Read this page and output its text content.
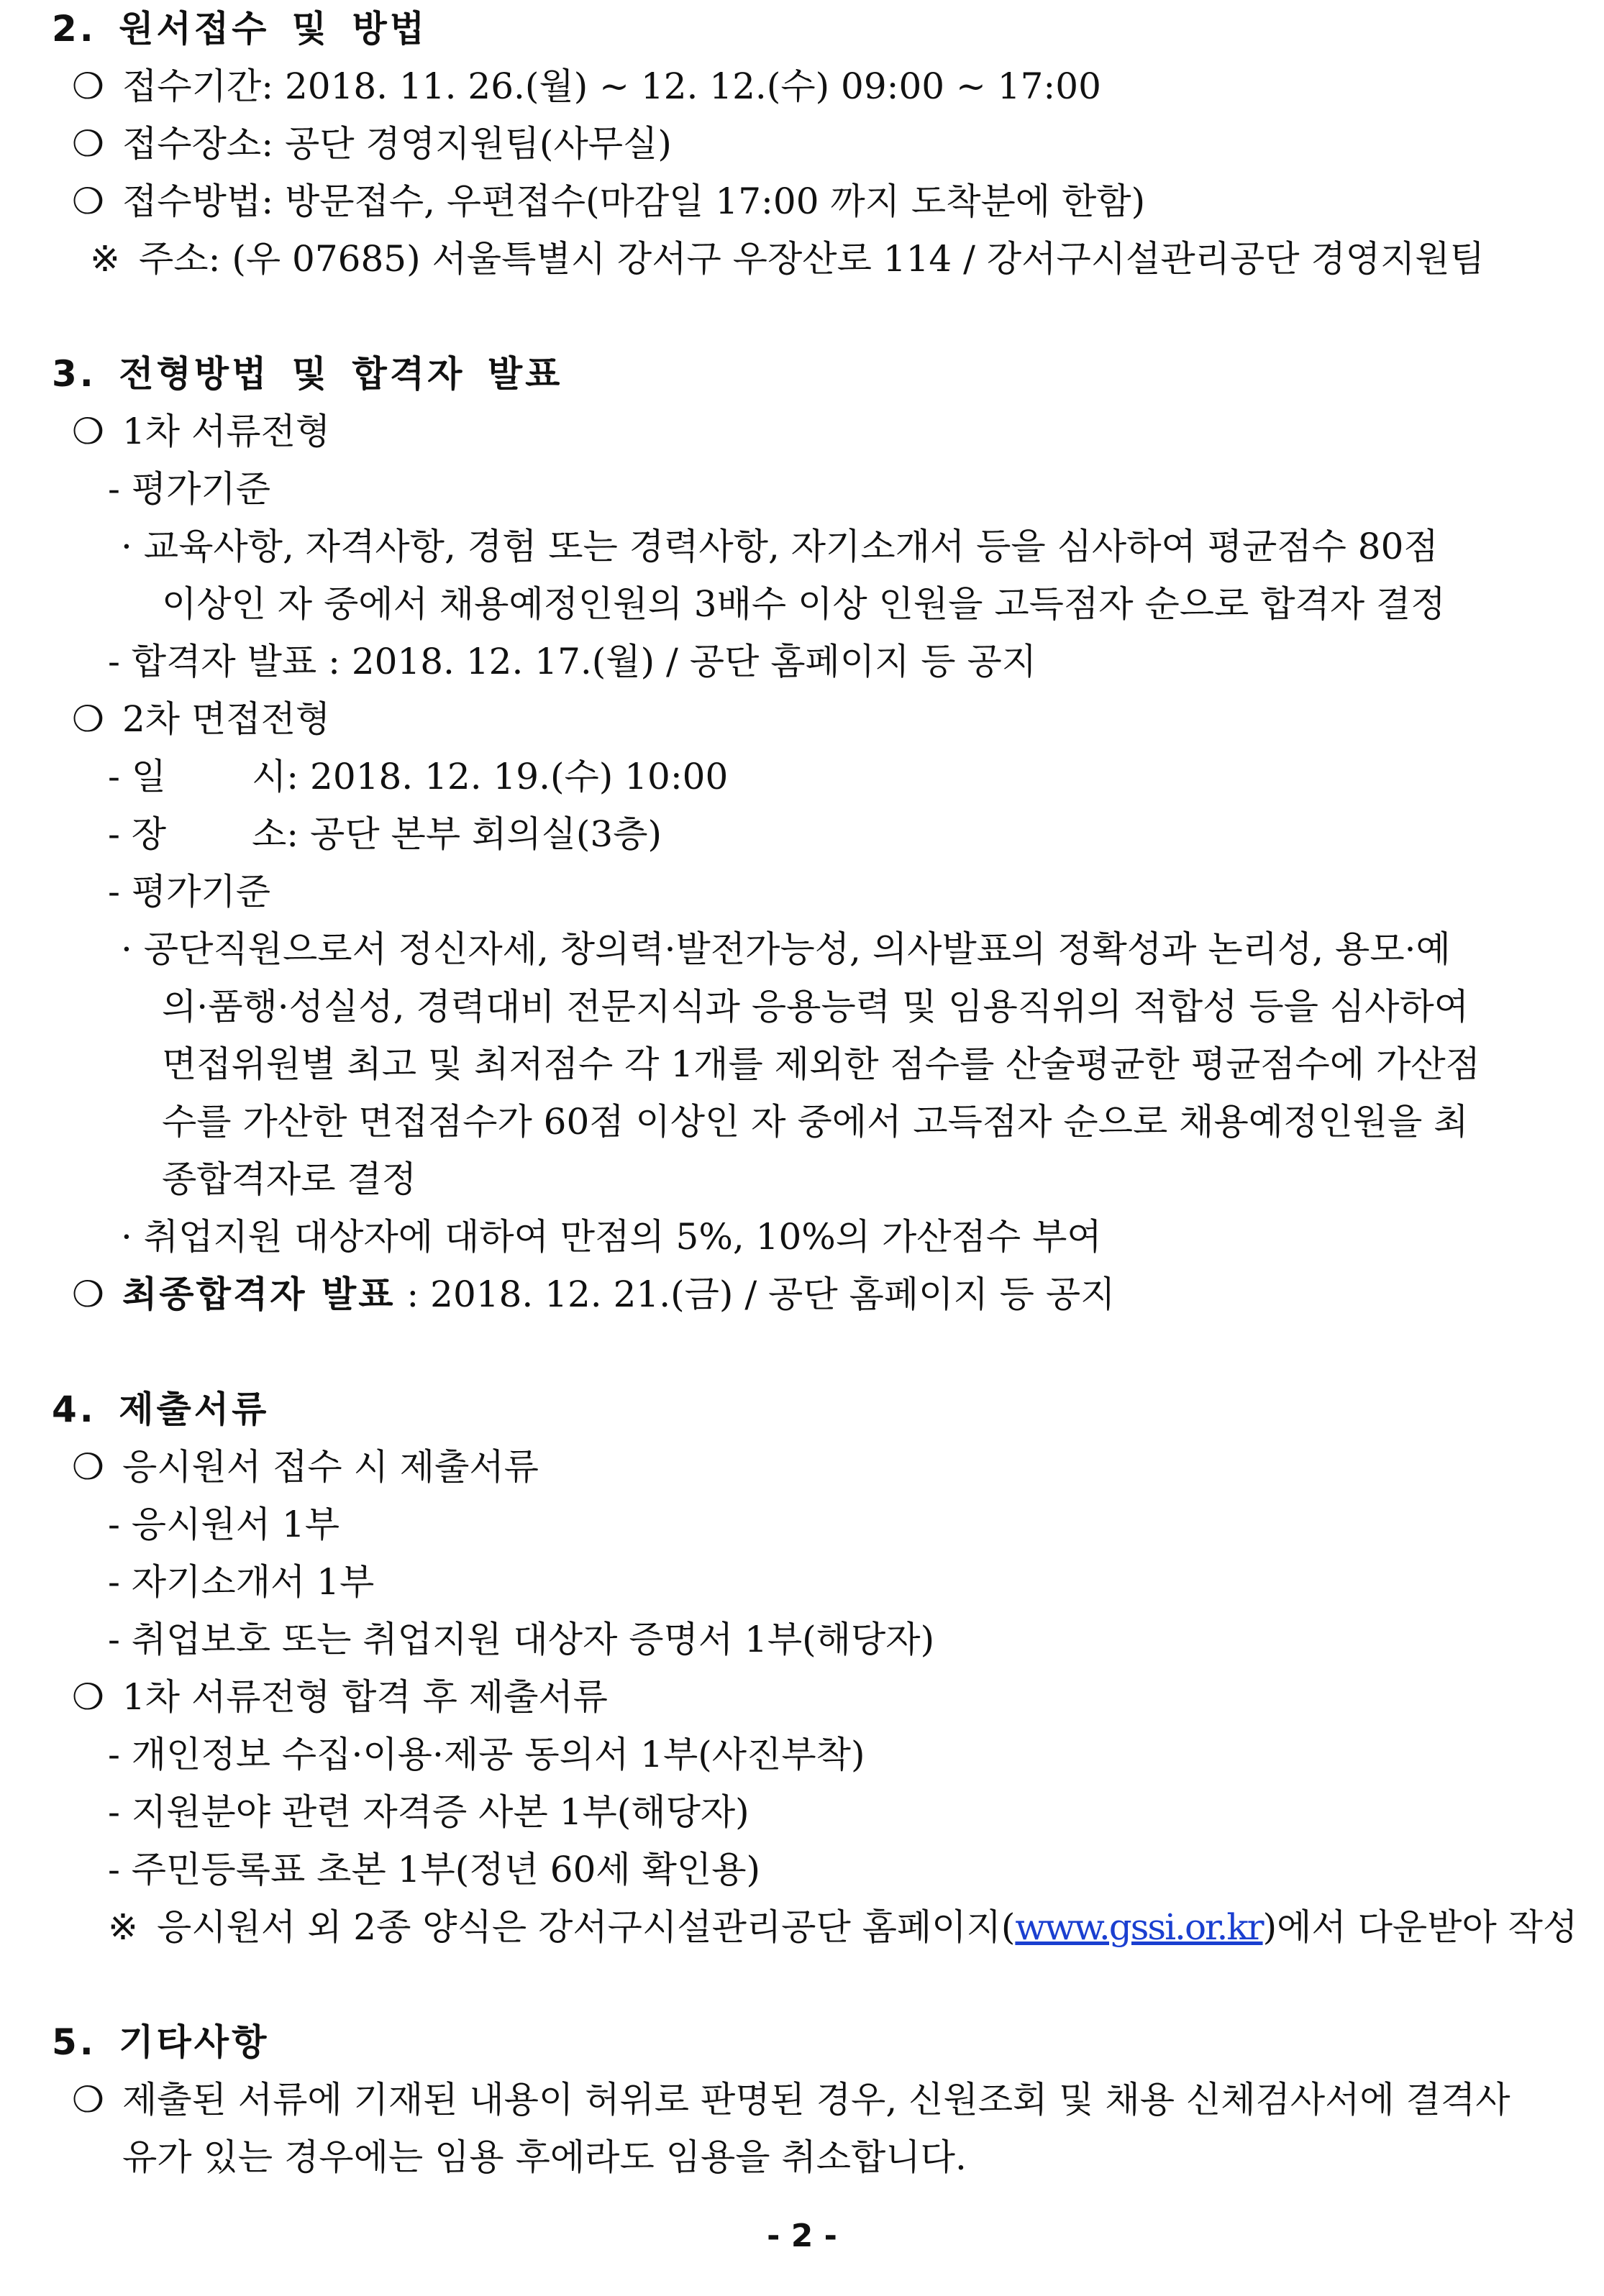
2. 원서접수 및 방법
❍ 접수기간: 2018. 11. 26.(월) ~ 12. 12.(수) 09:00 ~ 17:00
❍ 접수장소: 공단 경영지원팀(사무실)
❍ 접수방법: 방문접수, 우편접수(마감일 17:00 까지 도착분에 한함)
※ 주소: (우 07685) 서울특별시 강서구 우장산로 114 / 강서구시설관리공단 경영지원팀
3. 전형방법 및 합격자 발표
❍ 1차 서류전형
- 평가기준
· 교육사항, 자격사항, 경험 또는 경력사항, 자기소개서 등을 심사하여 평균점수 80점
이상인 자 중에서 채용예정인원의 3배수 이상 인원을 고득점자 순으로 합격자 결정
- 합격자 발표 : 2018. 12. 17.(월) / 공단 홈페이지 등 공지
❍ 2차 면접전형
- 일 시: 2018. 12. 19.(수) 10:00
- 장 소: 공단 본부 회의실(3층)
- 평가기준
· 공단직원으로서 정신자세, 창의력·발전가능성, 의사발표의 정확성과 논리성, 용모·예
의·품행·성실성, 경력대비 전문지식과 응용능력 및 임용직위의 적합성 등을 심사하여
면접위원별 최고 및 최저점수 각 1개를 제외한 점수를 산술평균한 평균점수에 가산점
수를 가산한 면접점수가 60점 이상인 자 중에서 고득점자 순으로 채용예정인원을 최
종합격자로 결정
· 취업지원 대상자에 대하여 만점의 5%, 10%의 가산점수 부여
❍ 최종합격자 발표 : 2018. 12. 21.(금) / 공단 홈페이지 등 공지
4. 제출서류
❍ 응시원서 접수 시 제출서류
- 응시원서 1부
- 자기소개서 1부
- 취업보호 또는 취업지원 대상자 증명서 1부(해당자)
❍ 1차 서류전형 합격 후 제출서류
- 개인정보 수집·이용·제공 동의서 1부(사진부착)
- 지원분야 관련 자격증 사본 1부(해당자)
- 주민등록표 초본 1부(정년 60세 확인용)
※ 응시원서 외 2종 양식은 강서구시설관리공단 홈페이지(www.gssi.or.kr)에서 다운받아 작성
5. 기타사항
❍ 제출된 서류에 기재된 내용이 허위로 판명된 경우, 신원조회 및 채용 신체검사서에 결격사
유가 있는 경우에는 임용 후에라도 임용을 취소합니다.
- 2 -
